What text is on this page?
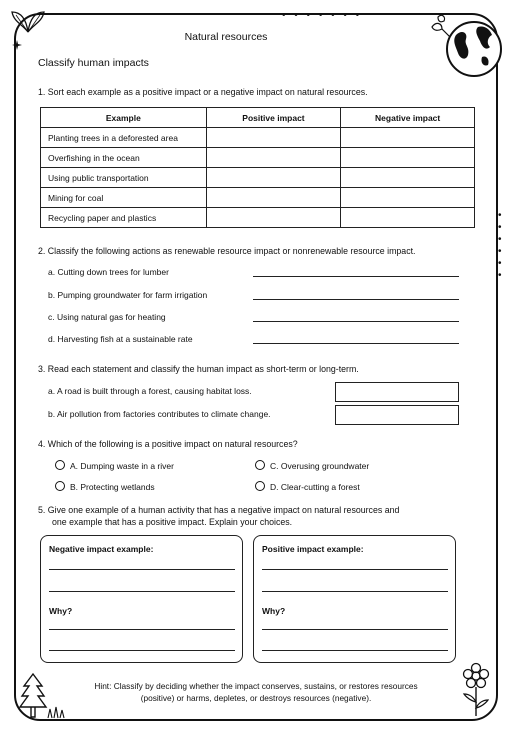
• • • • • • •
•
•
•
•
•
•
Natural resources
Classify human impacts
1. Sort each example as a positive impact or a negative impact on natural resources.
Example	Positive impact	Negative impact
Planting trees in a deforested area		
Overfishing in the ocean		
Using public transportation		
Mining for coal		
Recycling paper and plastics		
2. Classify the following actions as renewable resource impact or nonrenewable resource impact.
a. Cutting down trees for lumber
b. Pumping groundwater for farm irrigation
c. Using natural gas for heating
d. Harvesting fish at a sustainable rate
3. Read each statement and classify the human impact as short-term or long-term.
a. A road is built through a forest, causing habitat loss.
b. Air pollution from factories contributes to climate change.
4. Which of the following is a positive impact on natural resources?
A. Dumping waste in a river	C. Overusing groundwater
B. Protecting wetlands	D. Clear-cutting a forest
5. Give one example of a human activity that has a negative impact on natural resources and
one example that has a positive impact. Explain your choices.
Negative impact example:
Why?
Positive impact example:
Why?
Hint: Classify by deciding whether the impact conserves, sustains, or restores resources
(positive) or harms, depletes, or destroys resources (negative).
